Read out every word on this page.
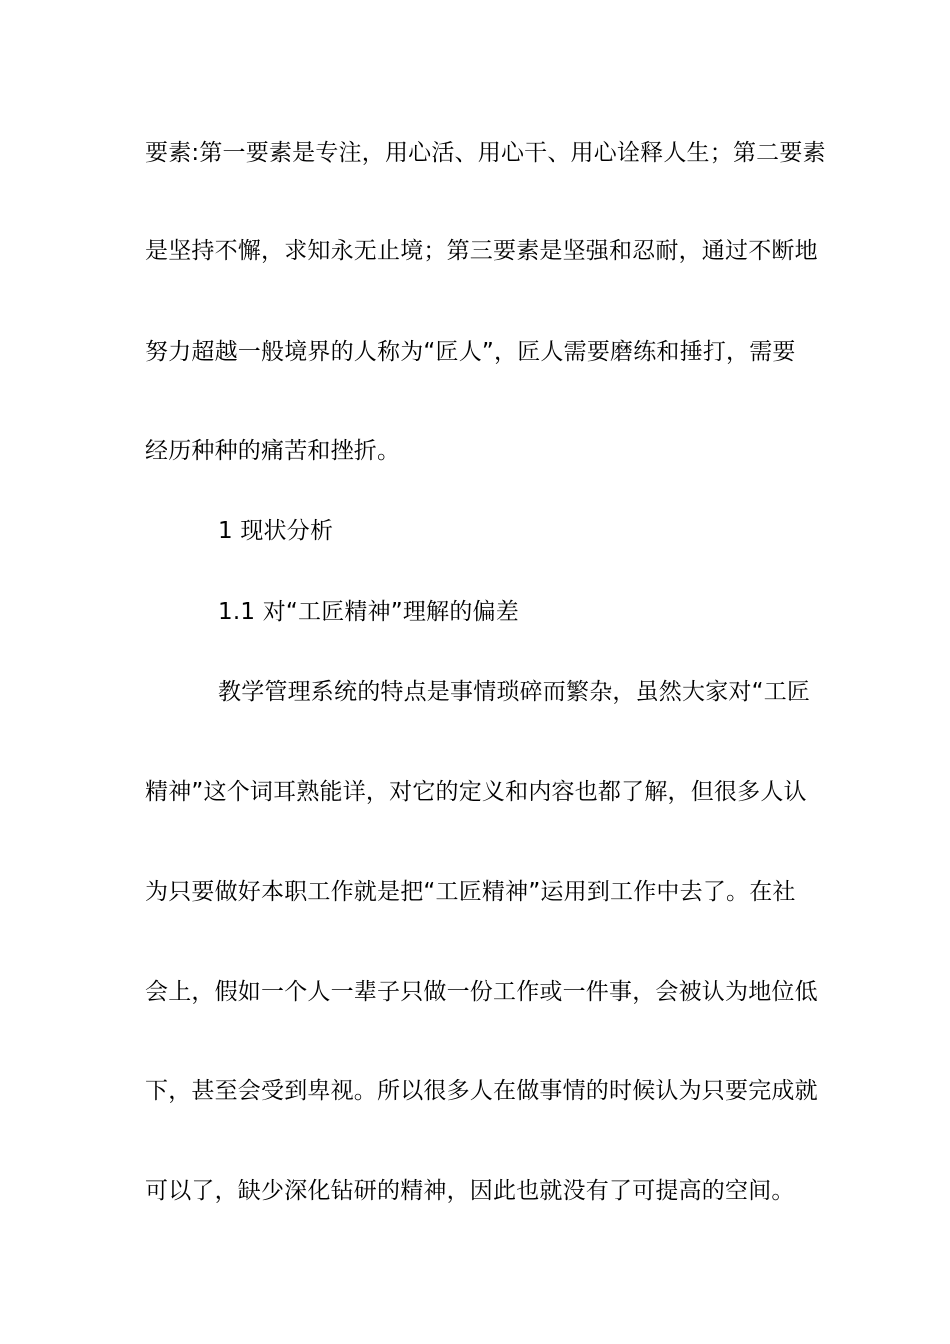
要素:第一要素是专注，用心活、用心干、用心诠释人生；第二要素
是坚持不懈，求知永无止境；第三要素是坚强和忍耐，通过不断地
努力超越一般境界的人称为“匠人”，匠人需要磨练和捶打，需要
经历种种的痛苦和挫折。
1 现状分析
1.1 对“工匠精神”理解的偏差
教学管理系统的特点是事情琐碎而繁杂，虽然大家对“工匠
精神”这个词耳熟能详，对它的定义和内容也都了解，但很多人认
为只要做好本职工作就是把“工匠精神”运用到工作中去了。在社
会上，假如一个人一辈子只做一份工作或一件事，会被认为地位低
下，甚至会受到卑视。所以很多人在做事情的时候认为只要完成就
可以了，缺少深化钻研的精神，因此也就没有了可提高的空间。
